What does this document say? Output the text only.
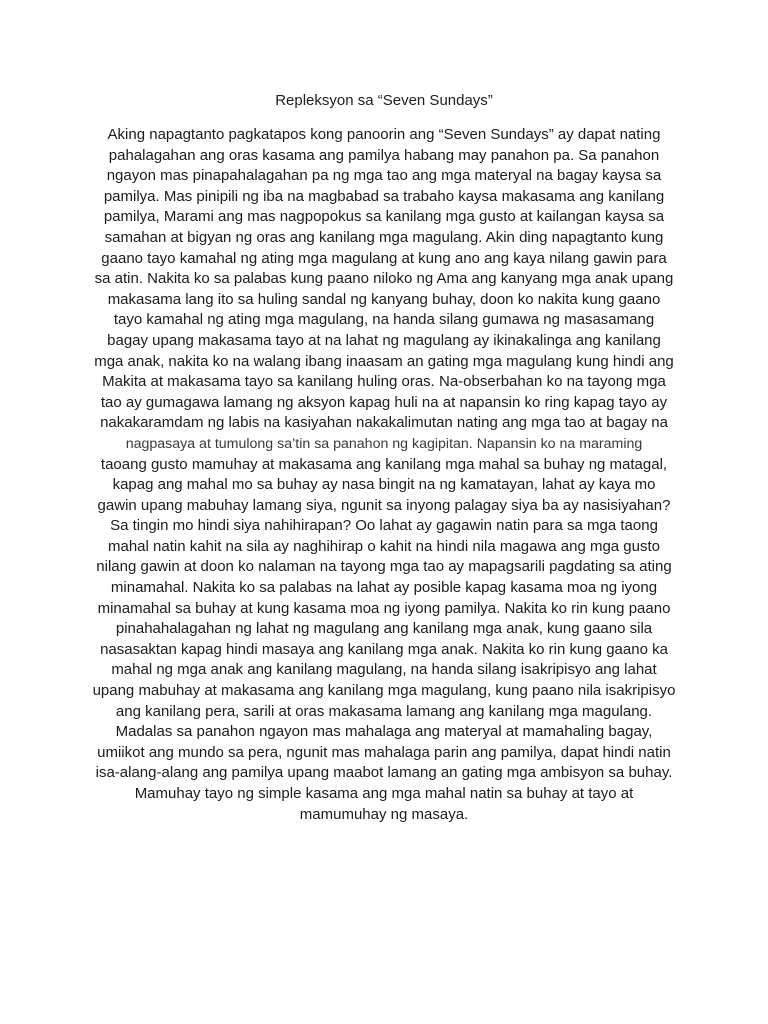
Repleksyon sa “Seven Sundays”
Aking napagtanto pagkatapos kong panoorin ang “Seven Sundays” ay dapat nating
pahalagahan ang oras kasama ang pamilya habang may panahon pa. Sa panahon
ngayon mas pinapahalagahan pa ng mga tao ang mga materyal na bagay kaysa sa
pamilya. Mas pinipili ng iba na magbabad sa trabaho kaysa makasama ang kanilang
pamilya, Marami ang mas nagpopokus sa kanilang mga gusto at kailangan kaysa sa
samahan at bigyan ng oras ang kanilang mga magulang. Akin ding napagtanto kung
gaano tayo kamahal ng ating mga magulang at kung ano ang kaya nilang gawin para
sa atin. Nakita ko sa palabas kung paano niloko ng Ama ang kanyang mga anak upang
makasama lang ito sa huling sandal ng kanyang buhay, doon ko nakita kung gaano
tayo kamahal ng ating mga magulang, na handa silang gumawa ng masasamang
bagay upang makasama tayo at na lahat ng magulang ay ikinakalinga ang kanilang
mga anak, nakita ko na walang ibang inaasam an gating mga magulang kung hindi ang
Makita at makasama tayo sa kanilang huling oras. Na-obserbahan ko na tayong mga
tao ay gumagawa lamang ng aksyon kapag huli na at napansin ko ring kapag tayo ay
nakakaramdam ng labis na kasiyahan nakakalimutan nating ang mga tao at bagay na
nagpasaya at tumulong sa’tin sa panahon ng kagipitan. Napansin ko na maraming
taoang gusto mamuhay at makasama ang kanilang mga mahal sa buhay ng matagal,
kapag ang mahal mo sa buhay ay nasa bingit na ng kamatayan, lahat ay kaya mo
gawin upang mabuhay lamang siya, ngunit sa inyong palagay siya ba ay nasisiyahan?
Sa tingin mo hindi siya nahihirapan? Oo lahat ay gagawin natin para sa mga taong
mahal natin kahit na sila ay naghihirap o kahit na hindi nila magawa ang mga gusto
nilang gawin at doon ko nalaman na tayong mga tao ay mapagsarili pagdating sa ating
minamahal. Nakita ko sa palabas na lahat ay posible kapag kasama moa ng iyong
minamahal sa buhay at kung kasama moa ng iyong pamilya. Nakita ko rin kung paano
pinahahalagahan ng lahat ng magulang ang kanilang mga anak, kung gaano sila
nasasaktan kapag hindi masaya ang kanilang mga anak. Nakita ko rin kung gaano ka
mahal ng mga anak ang kanilang magulang, na handa silang isakripisyo ang lahat
upang mabuhay at makasama ang kanilang mga magulang, kung paano nila isakripisyo
ang kanilang pera, sarili at oras makasama lamang ang kanilang mga magulang.
Madalas sa panahon ngayon mas mahalaga ang materyal at mamahaling bagay,
umiikot ang mundo sa pera, ngunit mas mahalaga parin ang pamilya, dapat hindi natin
isa-alang-alang ang pamilya upang maabot lamang an gating mga ambisyon sa buhay.
Mamuhay tayo ng simple kasama ang mga mahal natin sa buhay at tayo at
mamumuhay ng masaya.
